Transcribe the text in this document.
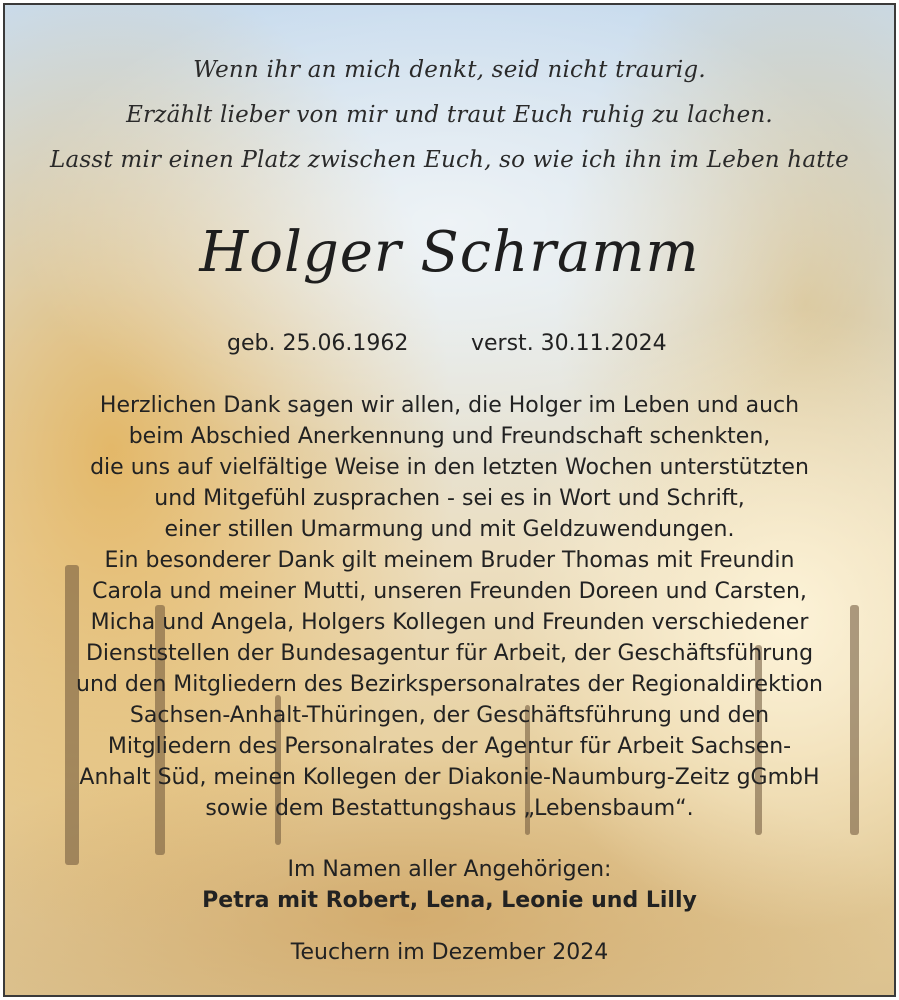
Wenn ihr an mich denkt, seid nicht traurig.
Erzählt lieber von mir und traut Euch ruhig zu lachen.
Lasst mir einen Platz zwischen Euch, so wie ich ihn im Leben hatte
Holger Schramm
geb. 25.06.1962	verst. 30.11.2024
Herzlichen Dank sagen wir allen, die Holger im Leben und auch
beim Abschied Anerkennung und Freundschaft schenkten,
die uns auf vielfältige Weise in den letzten Wochen unterstützten
und Mitgefühl zusprachen - sei es in Wort und Schrift,
einer stillen Umarmung und mit Geldzuwendungen.
Ein besonderer Dank gilt meinem Bruder Thomas mit Freundin
Carola und meiner Mutti, unseren Freunden Doreen und Carsten,
Micha und Angela, Holgers Kollegen und Freunden verschiedener
Dienststellen der Bundesagentur für Arbeit, der Geschäftsführung
und den Mitgliedern des Bezirkspersonalrates der Regionaldirektion
Sachsen-Anhalt-Thüringen, der Geschäftsführung und den
Mitgliedern des Personalrates der Agentur für Arbeit Sachsen-
Anhalt Süd, meinen Kollegen der Diakonie-Naumburg-Zeitz gGmbH
sowie dem Bestattungshaus „Lebensbaum“.
Im Namen aller Angehörigen:
Petra mit Robert, Lena, Leonie und Lilly
Teuchern im Dezember 2024
